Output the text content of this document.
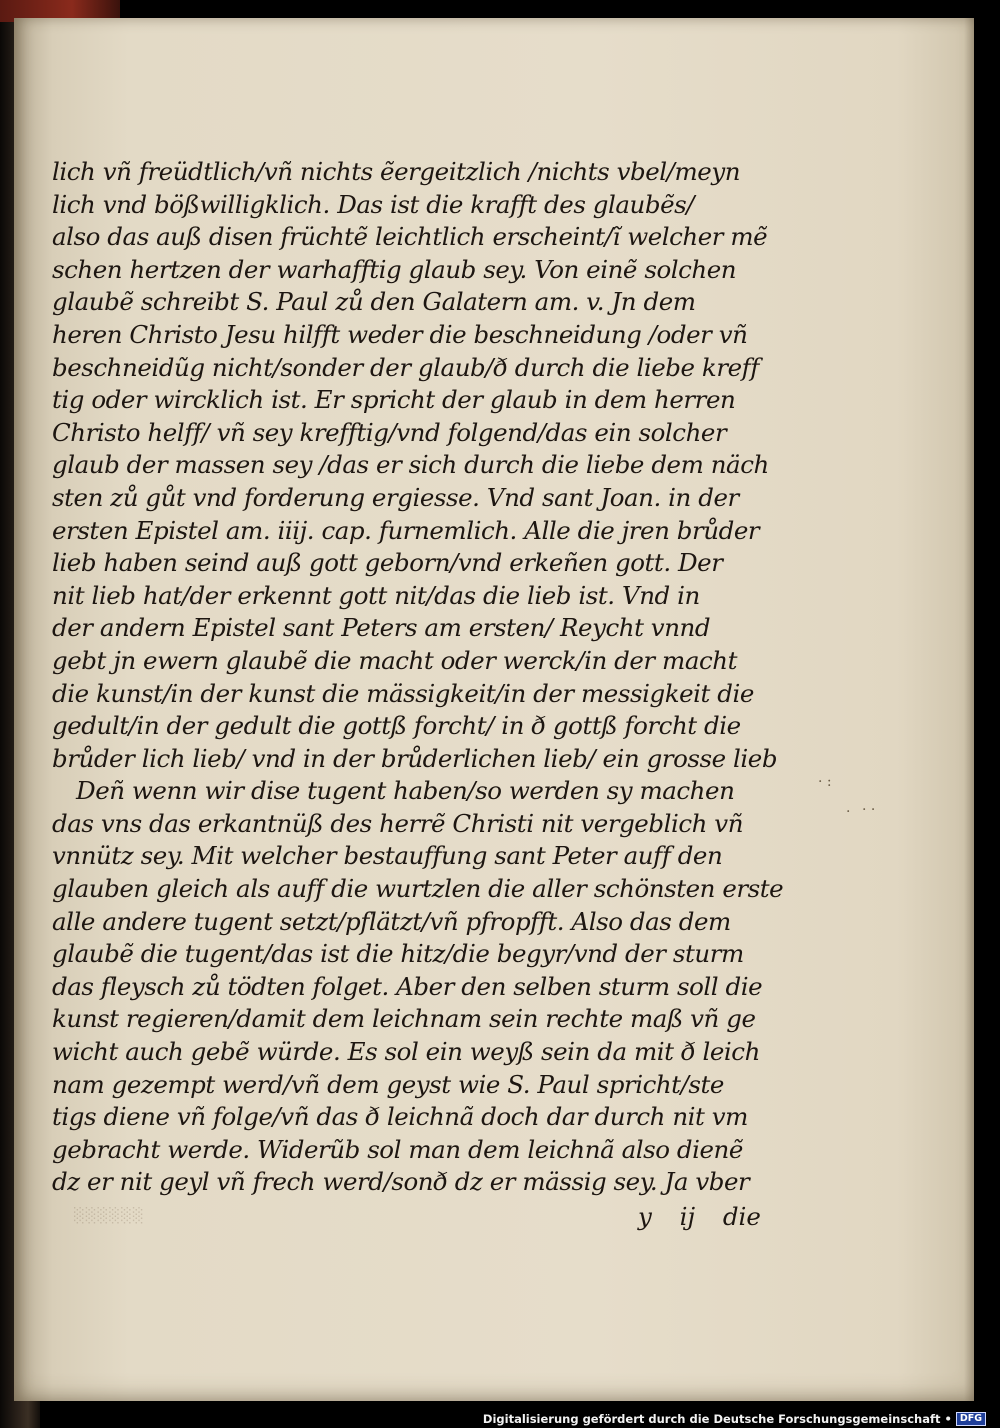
lich vñ freüdtlich/vñ nichts ẽergeitzlich /nichts vbel/meyn
lich vnd bößwilligklich. Das ist die krafft des glaubẽs/
also das auß disen früchtẽ leichtlich erscheint/ĩ welcher mẽ
schen hertzen der warhafftig glaub sey. Von einẽ solchen
glaubẽ schreibt S. Paul zů den Galatern am. v. Jn dem
heren Christo Jesu hilfft weder die beschneidung /oder vñ
beschneidũg nicht/sonder der glaub/ð durch die liebe kreff
tig oder wircklich ist. Er spricht der glaub in dem herren
Christo helff/ vñ sey krefftig/vnd folgend/das ein solcher
glaub der massen sey /das er sich durch die liebe dem näch
sten zů gůt vnd forderung ergiesse. Vnd sant Joan. in der
ersten Epistel am. iiij. cap. furnemlich. Alle die jren brůder
lieb haben seind auß gott geborn/vnd erkeñen gott. Der
nit lieb hat/der erkennt gott nit/das die lieb ist. Vnd in
der andern Epistel sant Peters am ersten/ Reycht vnnd
gebt jn ewern glaubẽ die macht oder werck/in der macht
die kunst/in der kunst die mässigkeit/in der messigkeit die
gedult/in der gedult die gottß forcht/ in ð gottß forcht die
brůder lich lieb/ vnd in der brůderlichen lieb/ ein grosse lieb
Deñ wenn wir dise tugent haben/so werden sy machen
das vns das erkantnüß des herrẽ Christi nit vergeblich vñ
vnnütz sey. Mit welcher bestauffung sant Peter auff den
glauben gleich als auff die wurtzlen die aller schönsten erste
alle andere tugent setzt/pflätzt/vñ pfropfft. Also das dem
glaubẽ die tugent/das ist die hitz/die begyr/vnd der sturm
das fleysch zů tödten folget. Aber den selben sturm soll die
kunst regieren/damit dem leichnam sein rechte maß vñ ge
wicht auch gebẽ würde. Es sol ein weyß sein da mit ð leich
nam gezempt werd/vñ dem geyst wie S. Paul spricht/ste
tigs diene vñ folge/vñ das ð leichnã doch dar durch nit vm
gebracht werde. Widerũb sol man dem leichnã also dienẽ
dz er nit geyl vñ frech werd/sonð dz er mässig sey. Ja vber
y ij die
· :
· · ·
░░░░░░
Digitalisierung gefördert durch die Deutsche Forschungsgemeinschaft • DFG
